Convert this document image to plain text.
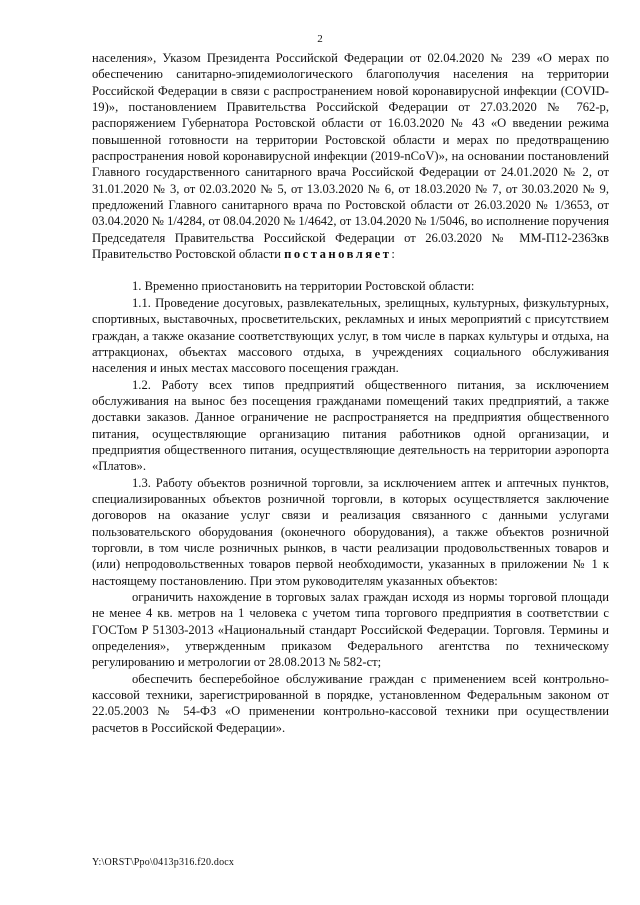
2

населения», Указом Президента Российской Федерации от 02.04.2020 № 239 «О мерах по обеспечению санитарно-эпидемиологического благополучия населения на территории Российской Федерации в связи с распространением новой коронавирусной инфекции (COVID-19)», постановлением Правительства Российской Федерации от 27.03.2020 № 762-р, распоряжением Губернатора Ростовской области от 16.03.2020 № 43 «О введении режима повышенной готовности на территории Ростовской области и мерах по предотвращению распространения новой коронавирусной инфекции (2019-nCoV)», на основании постановлений Главного государственного санитарного врача Российской Федерации от 24.01.2020 № 2, от 31.01.2020 № 3, от 02.03.2020 № 5, от 13.03.2020 № 6, от 18.03.2020 № 7, от 30.03.2020 № 9, предложений Главного санитарного врача по Ростовской области от 26.03.2020 № 1/3653, от 03.04.2020 № 1/4284, от 08.04.2020 № 1/4642, от 13.04.2020 № 1/5046, во исполнение поручения Председателя Правительства Российской Федерации от 26.03.2020 № ММ-П12-2363кв Правительство Ростовской области постановляет:

1. Временно приостановить на территории Ростовской области:

1.1. Проведение досуговых, развлекательных, зрелищных, культурных, физкультурных, спортивных, выставочных, просветительских, рекламных и иных мероприятий с присутствием граждан, а также оказание соответствующих услуг, в том числе в парках культуры и отдыха, на аттракционах, объектах массового отдыха, в учреждениях социального обслуживания населения и иных местах массового посещения граждан.

1.2. Работу всех типов предприятий общественного питания, за исключением обслуживания на вынос без посещения гражданами помещений таких предприятий, а также доставки заказов. Данное ограничение не распространяется на предприятия общественного питания, осуществляющие организацию питания работников одной организации, и предприятия общественного питания, осуществляющие деятельность на территории аэропорта «Платов».

1.3. Работу объектов розничной торговли, за исключением аптек и аптечных пунктов, специализированных объектов розничной торговли, в которых осуществляется заключение договоров на оказание услуг связи и реализация связанного с данными услугами пользовательского оборудования (оконечного оборудования), а также объектов розничной торговли, в том числе розничных рынков, в части реализации продовольственных товаров и (или) непродовольственных товаров первой необходимости, указанных в приложении № 1 к настоящему постановлению. При этом руководителям указанных объектов:

ограничить нахождение в торговых залах граждан исходя из нормы торговой площади не менее 4 кв. метров на 1 человека с учетом типа торгового предприятия в соответствии с ГОСТом Р 51303-2013 «Национальный стандарт Российской Федерации. Торговля. Термины и определения», утвержденным приказом Федерального агентства по техническому регулированию и метрологии от 28.08.2013 № 582-ст;

обеспечить бесперебойное обслуживание граждан с применением всей контрольно-кассовой техники, зарегистрированной в порядке, установленном Федеральным законом от 22.05.2003 № 54-ФЗ «О применении контрольно-кассовой техники при осуществлении расчетов в Российской Федерации».

Y:\ORST\Ppo\0413p316.f20.docx
